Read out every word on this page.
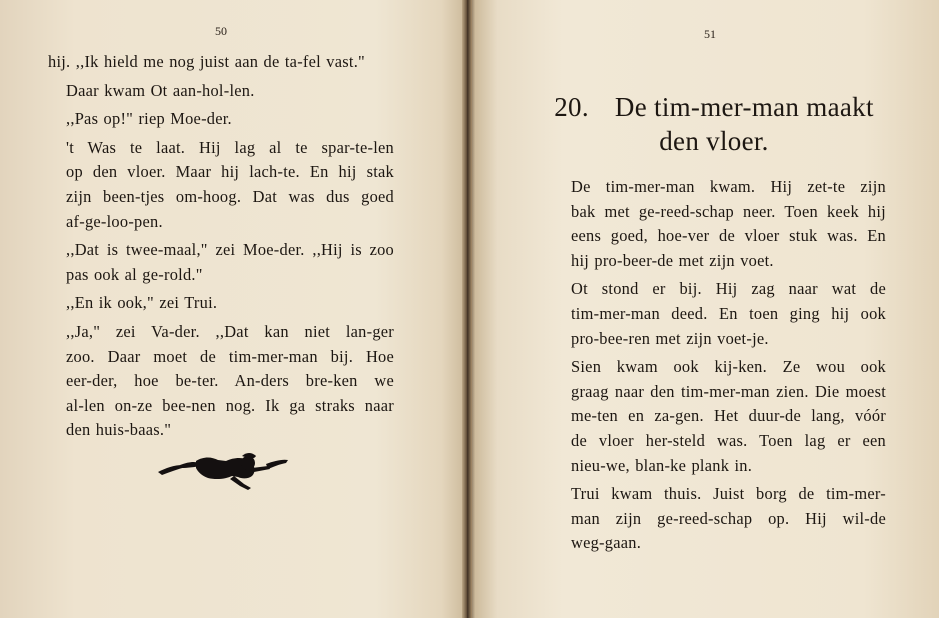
50

hij. ,,Ik hield me nog juist aan de ta-fel vast."

Daar kwam Ot aan-hol-len.

,,Pas op!" riep Moe-der.

't Was te laat. Hij lag al te spar-te-len
op den vloer. Maar hij lach-te. En hij stak
zijn been-tjes om-hoog. Dat was dus goed
af-ge-loo-pen.

,,Dat is twee-maal," zei Moe-der. ,,Hij is zoo
pas ook al ge-rold."

,,En ik ook," zei Trui.

,,Ja," zei Va-der. ,,Dat kan niet lan-ger
zoo. Daar moet de tim-mer-man bij. Hoe
eer-der, hoe be-ter. An-ders bre-ken we
al-len on-ze bee-nen nog. Ik ga straks naar
den huis-baas."

51
20. De tim-mer-man maakt
den vloer.

De tim-mer-man kwam. Hij zet-te zijn
bak met ge-reed-schap neer. Toen keek hij
eens goed, hoe-ver de vloer stuk was. En
hij pro-beer-de met zijn voet.

Ot stond er bij. Hij zag naar wat de
tim-mer-man deed. En toen ging hij ook
pro-bee-ren met zijn voet-je.

Sien kwam ook kij-ken. Ze wou ook
graag naar den tim-mer-man zien. Die moest
me-ten en za-gen. Het duur-de lang, vóór
de vloer her-steld was. Toen lag er een
nieu-we, blan-ke plank in.

Trui kwam thuis. Juist borg de tim-mer-
man zijn ge-reed-schap op. Hij wil-de
weg-gaan.
